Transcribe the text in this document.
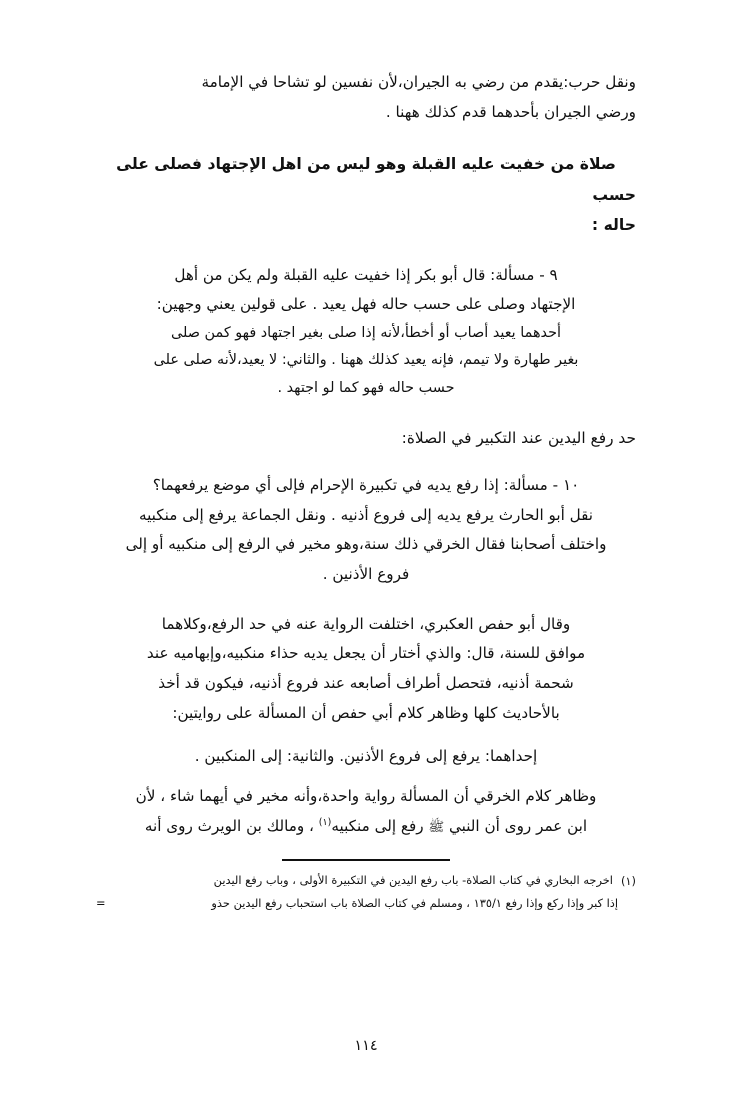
ونقل حرب:يقدم من رضي به الجيران،لأن نفسين لو تشاحا في الإمامة
ورضي الجيران بأحدهما قدم كذلك ههنا .
صلاة من خفيت عليه القبلة وهو ليس من اهل الإجتهاد فصلى على حسب
حاله :
٩ - مسألة: قال أبو بكر إذا خفيت عليه القبلة ولم يكن من أهل
الإجتهاد وصلى على حسب حاله فهل يعيد . على قولين يعني وجهين:
أحدهما يعيد أصاب أو أخطأ،لأنه إذا صلى بغير اجتهاد فهو كمن صلى
بغير طهارة ولا تيمم، فإنه يعيد كذلك ههنا . والثاني: لا يعيد،لأنه صلى على
حسب حاله فهو كما لو اجتهد .
حد رفع اليدين عند التكبير في الصلاة:
١٠ - مسألة: إذا رفع يديه في تكبيرة الإحرام فإلى أي موضع يرفعهما؟
نقل أبو الحارث يرفع يديه إلى فروع أذنيه . ونقل الجماعة يرفع إلى منكبيه
واختلف أصحابنا فقال الخرقي ذلك سنة،وهو مخير في الرفع إلى منكبيه أو إلى
فروع الأذنين .
وقال أبو حفص العكبري، اختلفت الرواية عنه في حد الرفع،وكلاهما
موافق للسنة، قال: والذي أختار أن يجعل يديه حذاء منكبيه،وإبهاميه عند
شحمة أذنيه، فتحصل أطراف أصابعه عند فروع أذنيه، فيكون قد أخذ
بالأحاديث كلها وظاهر كلام أبي حفص أن المسألة على روايتين:
إحداهما: يرفع إلى فروع الأذنين. والثانية: إلى المنكبين .
وظاهر كلام الخرقي أن المسألة رواية واحدة،وأنه مخير في أيهما شاء ، لأن
ابن عمر روى أن النبي ﷺ رفع إلى منكبيه$^{(١)}$ ، ومالك بن الويرث روى أنه
(١)
اخرجه البخاري في كتاب الصلاة- باب رفع اليدين في التكبيرة الأولى ، وباب رفع اليدين
إذا كبر وإذا ركع وإذا رفع ١٣٥/١ ، ومسلم في كتاب الصلاة باب استحباب رفع اليدين حذو
=
١١٤
